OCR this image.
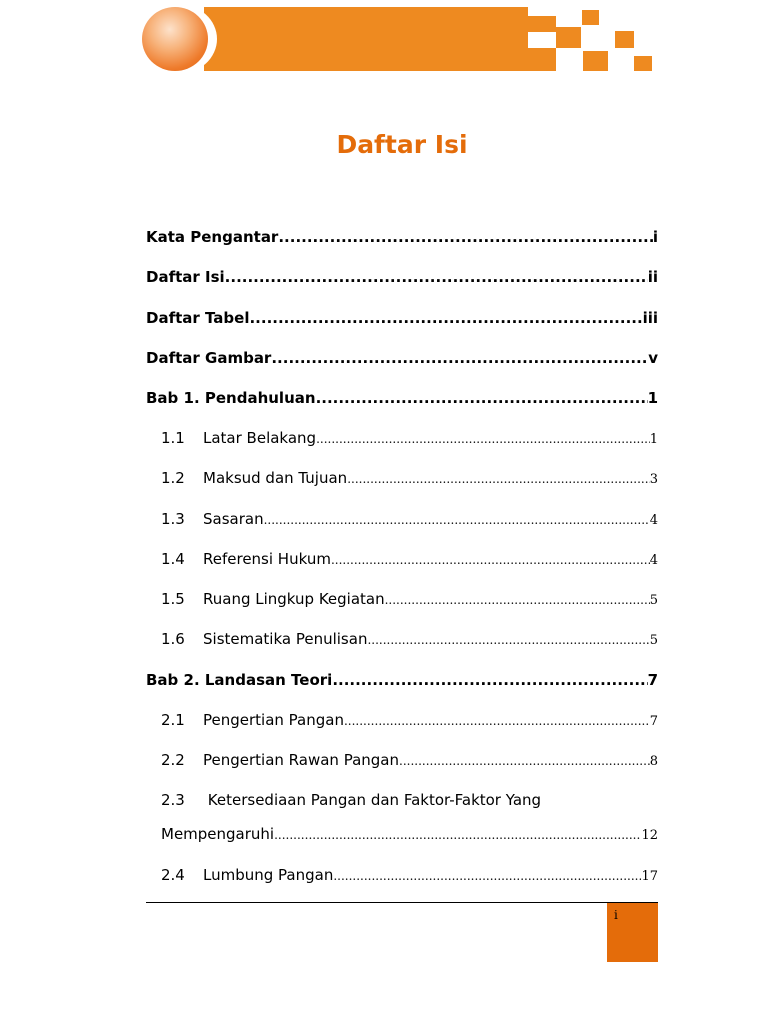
Daftar Isi
Kata Pengantar .....	i
Daftar Isi .....	ii
Daftar Tabel .....	iii
Daftar Gambar .....	v
Bab 1. Pendahuluan .....	1
1.1	Latar Belakang .....	1
1.2	Maksud dan Tujuan .....	3
1.3	Sasaran .....	4
1.4	Referensi Hukum .....	4
1.5	Ruang Lingkup Kegiatan .....	5
1.6	Sistematika Penulisan .....	5
Bab 2. Landasan Teori .....	7
2.1	Pengertian Pangan .....	7
2.2	Pengertian Rawan Pangan .....	8
2.3 Ketersediaan Pangan dan Faktor-Faktor Yang
Mempengaruhi .....	12
2.4	Lumbung Pangan .....	17
i
